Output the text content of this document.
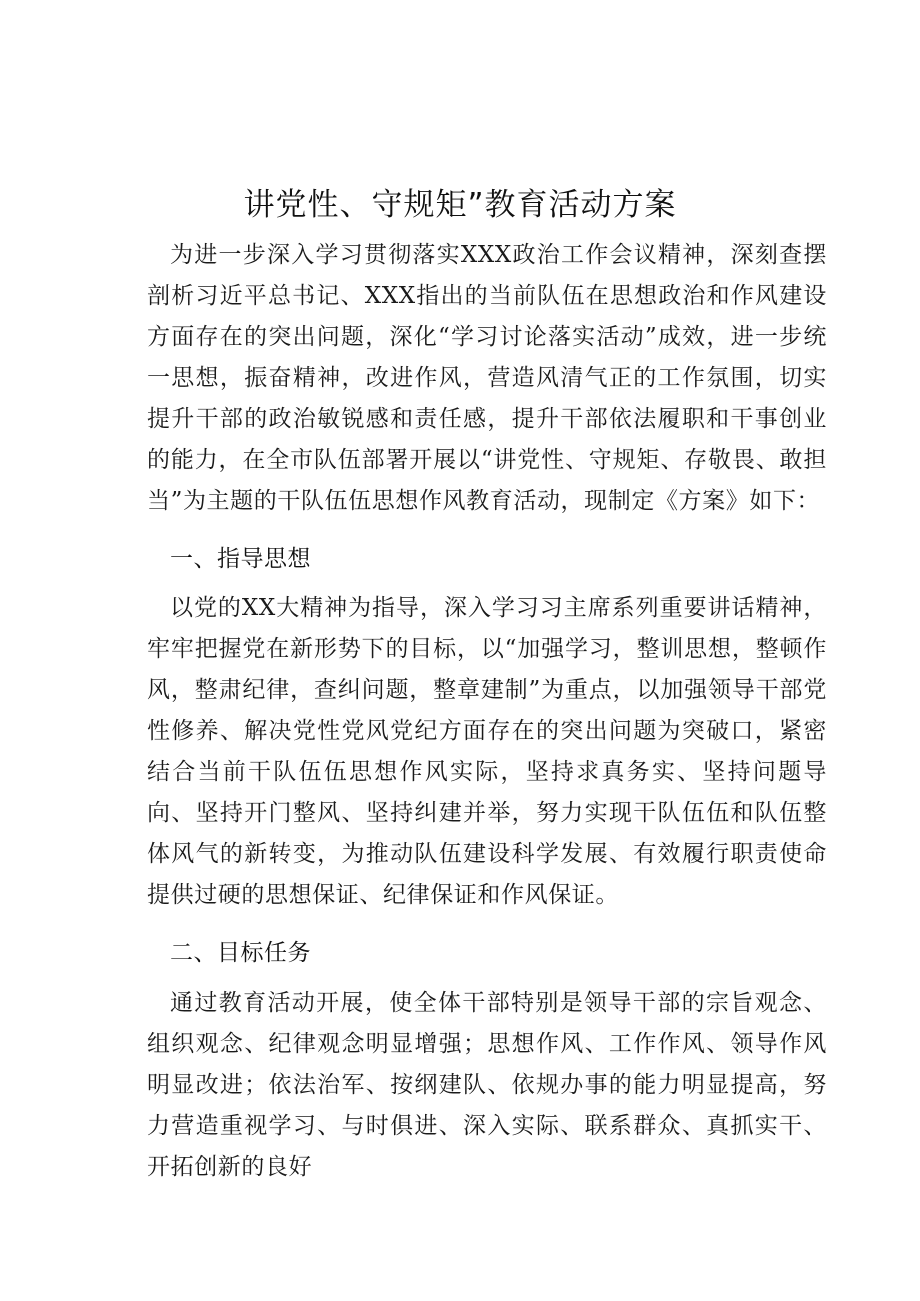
讲党性、守规矩”教育活动方案

为进一步深入学习贯彻落实XXX政治工作会议精神，深刻查摆剖析习近平总书记、XXX指出的当前队伍在思想政治和作风建设方面存在的突出问题，深化“学习讨论落实活动”成效，进一步统一思想，振奋精神，改进作风，营造风清气正的工作氛围，切实提升干部的政治敏锐感和责任感，提升干部依法履职和干事创业的能力，在全市队伍部署开展以“讲党性、守规矩、存敬畏、敢担当”为主题的干队伍伍思想作风教育活动，现制定《方案》如下：

一、指导思想

以党的XX大精神为指导，深入学习习主席系列重要讲话精神，牢牢把握党在新形势下的目标，以“加强学习，整训思想，整顿作风，整肃纪律，查纠问题，整章建制”为重点，以加强领导干部党性修养、解决党性党风党纪方面存在的突出问题为突破口，紧密结合当前干队伍伍思想作风实际，坚持求真务实、坚持问题导向、坚持开门整风、坚持纠建并举，努力实现干队伍伍和队伍整体风气的新转变，为推动队伍建设科学发展、有效履行职责使命提供过硬的思想保证、纪律保证和作风保证。

二、目标任务

通过教育活动开展，使全体干部特别是领导干部的宗旨观念、组织观念、纪律观念明显增强；思想作风、工作作风、领导作风明显改进；依法治军、按纲建队、依规办事的能力明显提高，努力营造重视学习、与时俱进、深入实际、联系群众、真抓实干、开拓创新的良好
